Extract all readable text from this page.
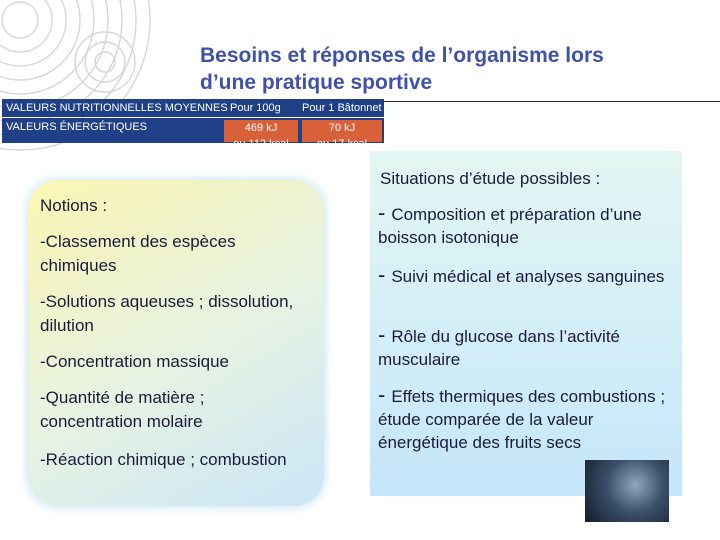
Besoins et réponses de l’organisme lors
d’une pratique sportive
VALEURS NUTRITIONNELLES MOYENNES Pour 100g Pour 1 Bâtonnet
VALEURS ÉNERGÉTIQUES	469 kJ
ou 112 kcal
70 kJ
ou 17 kcal
Notions :
-Classement des espèces chimiques
-Solutions aqueuses ; dissolution, dilution
-Concentration massique
-Quantité de matière ; concentration molaire
-Réaction chimique ; combustion
Situations d’étude possibles :
- Composition et préparation d’une boisson isotonique
- Suivi médical et analyses sanguines
- Rôle du glucose dans l’activité musculaire
- Effets thermiques des combustions ; étude comparée de la valeur énergétique des fruits secs
